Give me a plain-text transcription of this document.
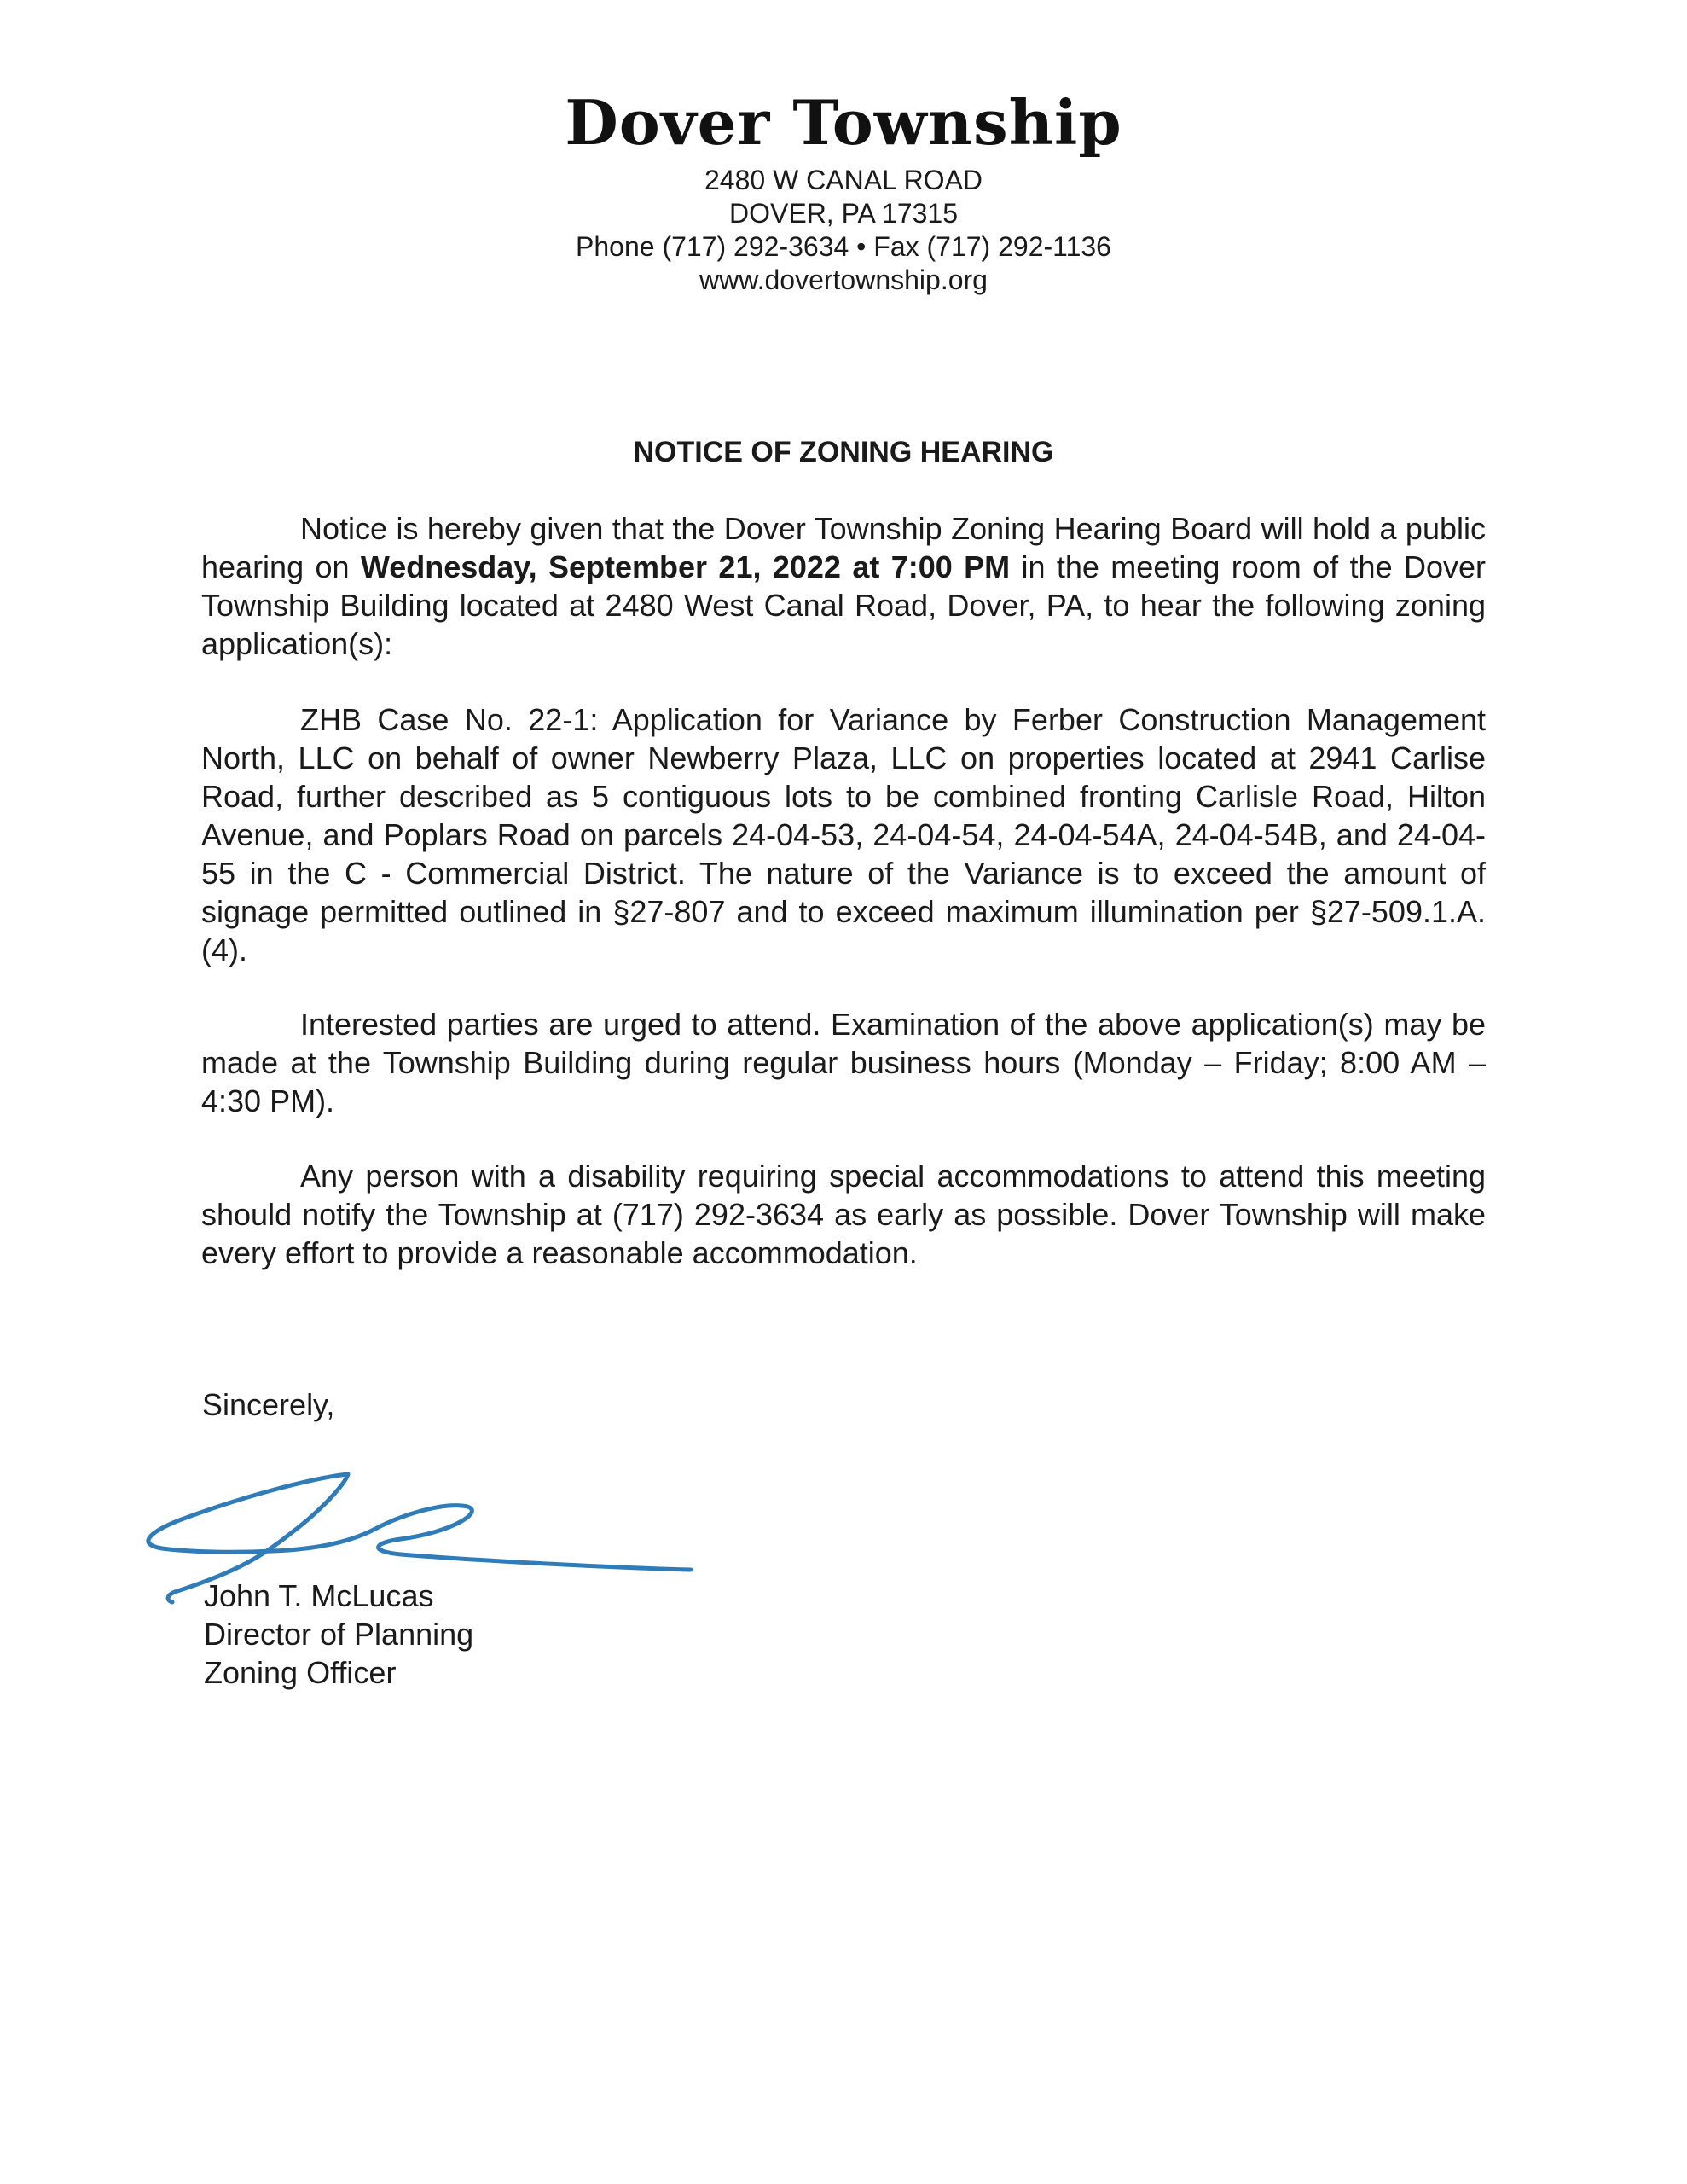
Dover Township
2480 W CANAL ROAD
DOVER, PA 17315
Phone (717) 292-3634 • Fax (717) 292-1136
www.dovertownship.org
NOTICE OF ZONING HEARING
Notice is hereby given that the Dover Township Zoning Hearing Board will hold a public hearing on Wednesday, September 21, 2022 at 7:00 PM in the meeting room of the Dover Township Building located at 2480 West Canal Road, Dover, PA, to hear the following zoning application(s):
ZHB Case No. 22-1: Application for Variance by Ferber Construction Management North, LLC on behalf of owner Newberry Plaza, LLC on properties located at 2941 Carlise Road, further described as 5 contiguous lots to be combined fronting Carlisle Road, Hilton Avenue, and Poplars Road on parcels 24-04-53, 24-04-54, 24-04-54A, 24-04-54B, and 24-04-55 in the C - Commercial District. The nature of the Variance is to exceed the amount of signage permitted outlined in §27-807 and to exceed maximum illumination per §27-509.1.A.(4).
Interested parties are urged to attend. Examination of the above application(s) may be made at the Township Building during regular business hours (Monday – Friday; 8:00 AM – 4:30 PM).
Any person with a disability requiring special accommodations to attend this meeting should notify the Township at (717) 292-3634 as early as possible. Dover Township will make every effort to provide a reasonable accommodation.
Sincerely,
John T. McLucas
Director of Planning
Zoning Officer
